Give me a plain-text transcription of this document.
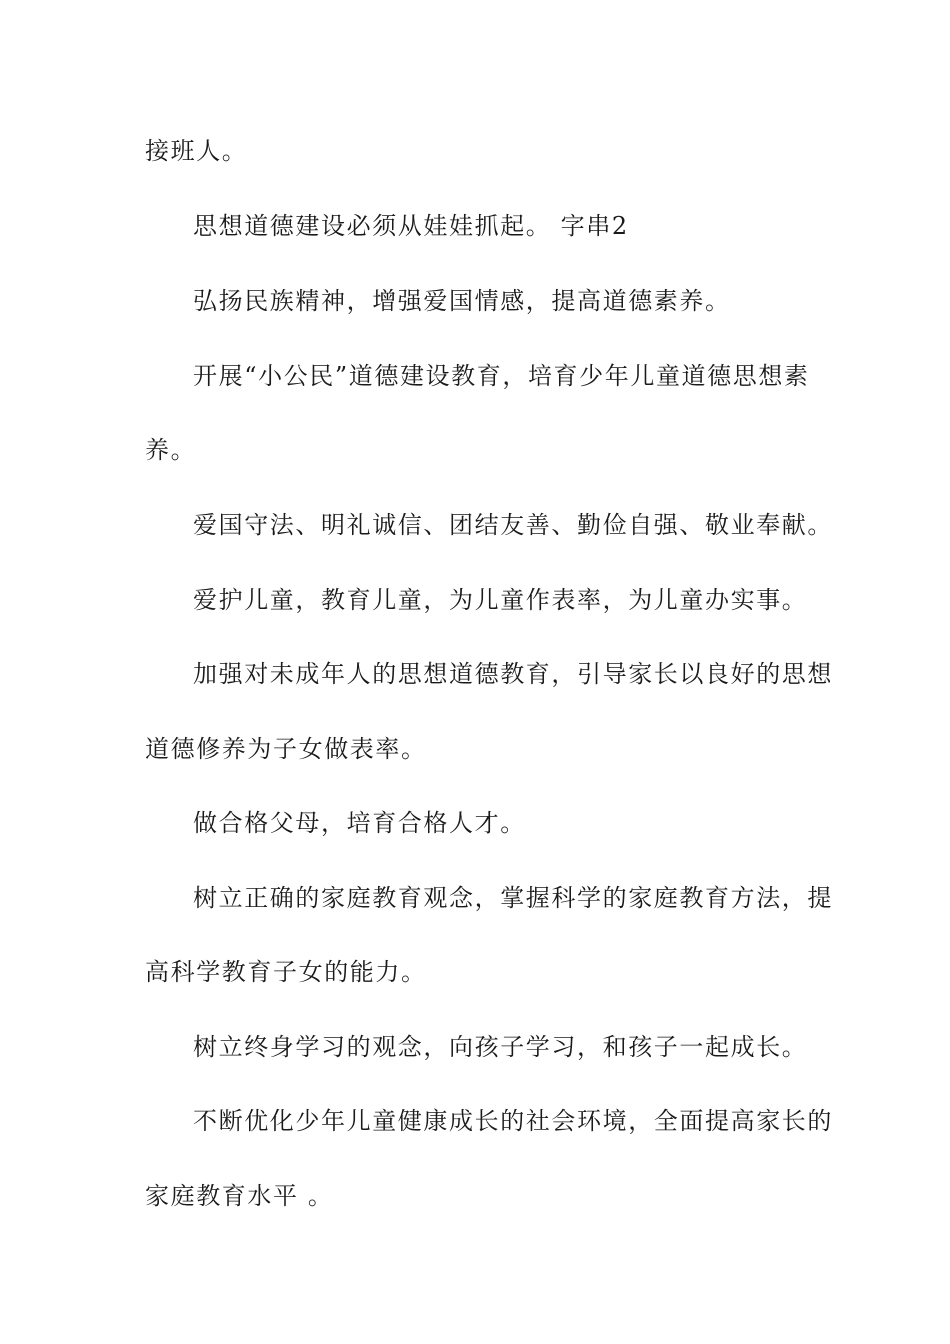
接班人。
思想道德建设必须从娃娃抓起。 字串2
弘扬民族精神，增强爱国情感，提高道德素养。
开展“小公民”道德建设教育，培育少年儿童道德思想素
养。
爱国守法、明礼诚信、团结友善、勤俭自强、敬业奉献。
爱护儿童，教育儿童，为儿童作表率，为儿童办实事。
加强对未成年人的思想道德教育，引导家长以良好的思想
道德修养为子女做表率。
做合格父母，培育合格人才。
树立正确的家庭教育观念，掌握科学的家庭教育方法，提
高科学教育子女的能力。
树立终身学习的观念，向孩子学习，和孩子一起成长。
不断优化少年儿童健康成长的社会环境，全面提高家长的
家庭教育水平 。
